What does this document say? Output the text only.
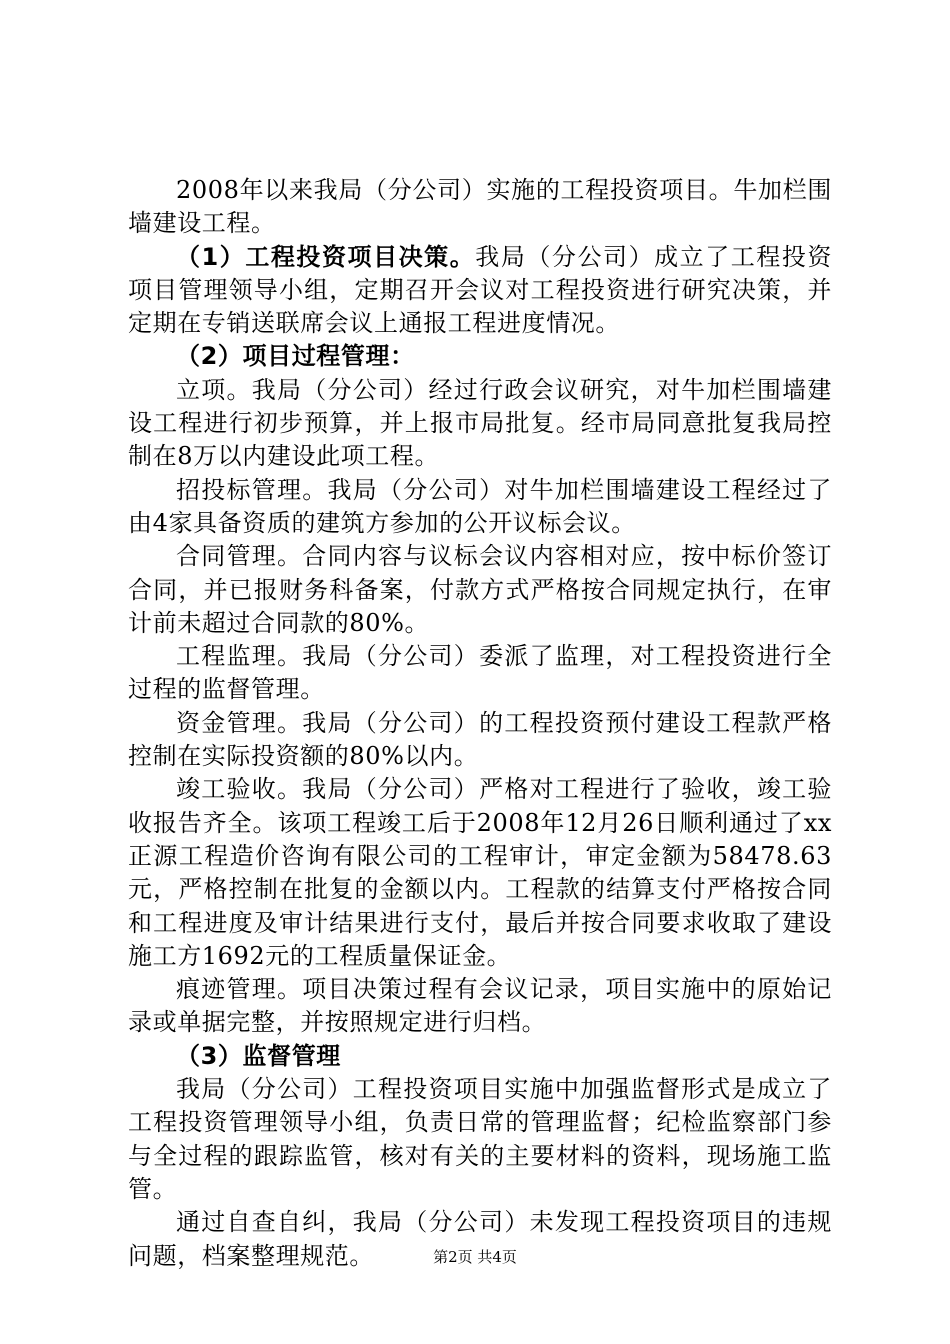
2008年以来我局（分公司）实施的工程投资项目。牛加栏围墙建设工程。

（1）工程投资项目决策。我局（分公司）成立了工程投资项目管理领导小组，定期召开会议对工程投资进行研究决策，并定期在专销送联席会议上通报工程进度情况。

（2）项目过程管理：

立项。我局（分公司）经过行政会议研究，对牛加栏围墙建设工程进行初步预算，并上报市局批复。经市局同意批复我局控制在8万以内建设此项工程。

招投标管理。我局（分公司）对牛加栏围墙建设工程经过了由4家具备资质的建筑方参加的公开议标会议。

合同管理。合同内容与议标会议内容相对应，按中标价签订合同，并已报财务科备案，付款方式严格按合同规定执行，在审计前未超过合同款的80%。

工程监理。我局（分公司）委派了监理，对工程投资进行全过程的监督管理。

资金管理。我局（分公司）的工程投资预付建设工程款严格控制在实际投资额的80%以内。

竣工验收。我局（分公司）严格对工程进行了验收，竣工验收报告齐全。该项工程竣工后于2008年12月26日顺利通过了xx正源工程造价咨询有限公司的工程审计，审定金额为58478.63元，严格控制在批复的金额以内。工程款的结算支付严格按合同和工程进度及审计结果进行支付，最后并按合同要求收取了建设施工方1692元的工程质量保证金。

痕迹管理。项目决策过程有会议记录，项目实施中的原始记录或单据完整，并按照规定进行归档。

（3）监督管理

我局（分公司）工程投资项目实施中加强监督形式是成立了工程投资管理领导小组，负责日常的管理监督；纪检监察部门参与全过程的跟踪监管，核对有关的主要材料的资料，现场施工监管。

通过自查自纠，我局（分公司）未发现工程投资项目的违规问题，档案整理规范。	第2页 共4页
